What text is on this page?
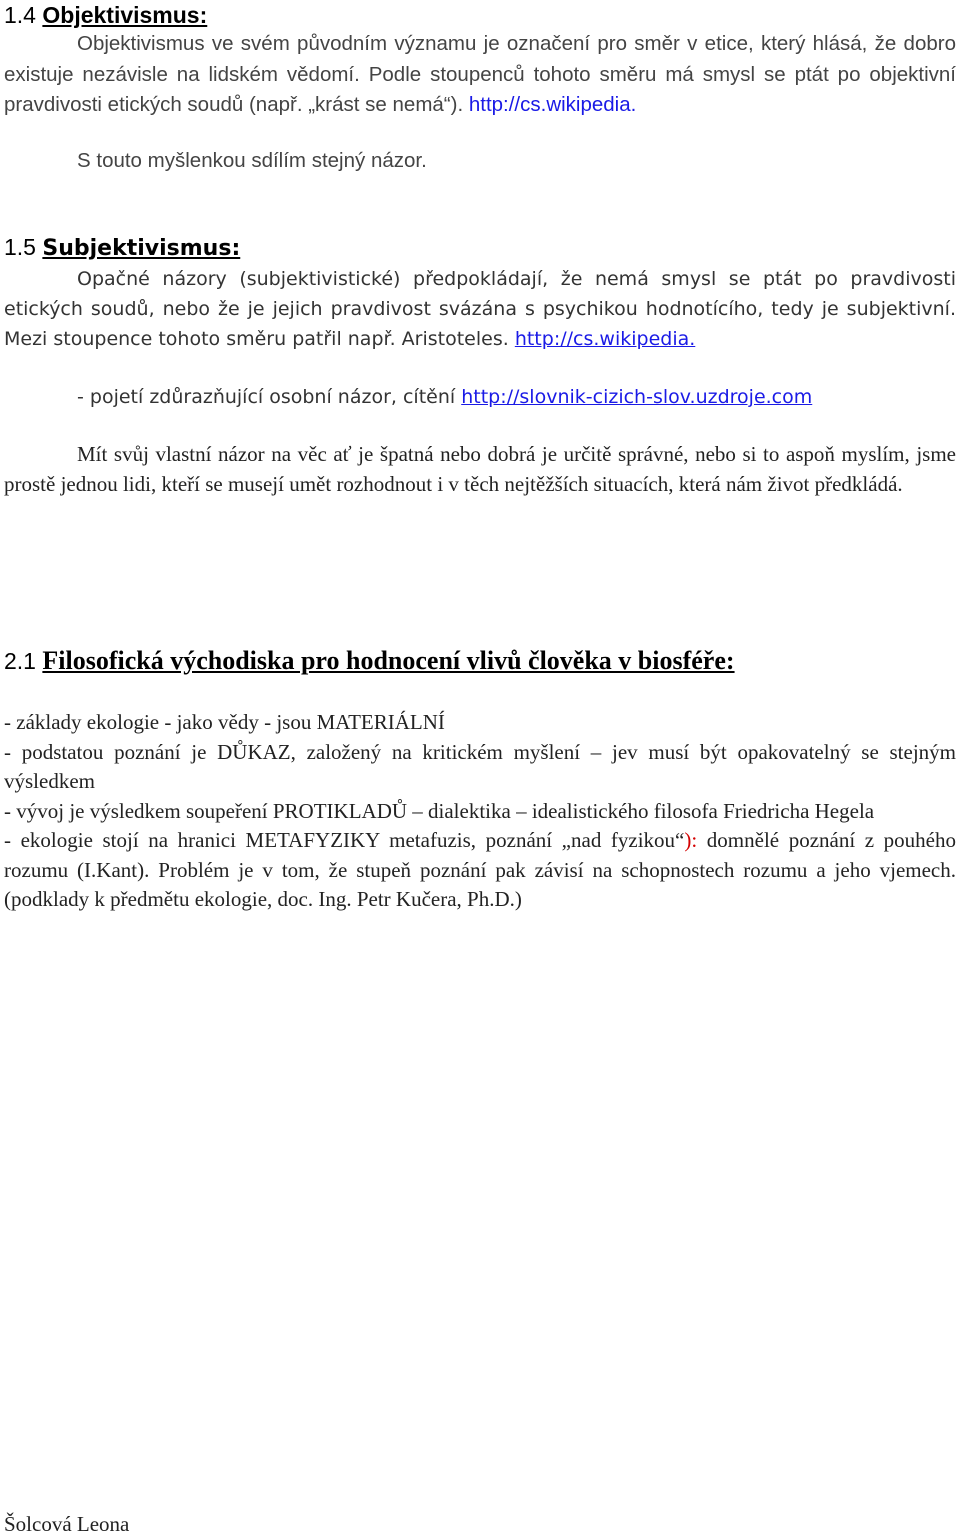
1.4 Objektivismus:
Objektivismus ve svém původním významu je označení pro směr v etice, který hlásá, že dobro existuje nezávisle na lidském vědomí. Podle stoupenců tohoto směru má smysl se ptát po objektivní pravdivosti etických soudů (např. „krást se nemá“). http://cs.wikipedia.
S touto myšlenkou sdílím stejný názor.
1.5 Subjektivismus:
Opačné názory (subjektivistické) předpokládají, že nemá smysl se ptát po pravdivosti etických soudů, nebo že je jejich pravdivost svázána s psychikou hodnotícího, tedy je subjektivní. Mezi stoupence tohoto směru patřil např. Aristoteles. http://cs.wikipedia.
- pojetí zdůrazňující osobní názor, cítění http://slovnik-cizich-slov.uzdroje.com
Mít svůj vlastní názor na věc ať je špatná nebo dobrá je určitě správné, nebo si to aspoň myslím, jsme prostě jednou lidi, kteří se musejí umět rozhodnout i v těch nejtěžších situacích, která nám život předkládá.
2.1 Filosofická východiska pro hodnocení vlivů člověka v biosféře:
- základy ekologie - jako vědy - jsou MATERIÁLNÍ
- podstatou poznání je DŮKAZ, založený na kritickém myšlení – jev musí být opakovatelný se stejným výsledkem
- vývoj je výsledkem soupeření PROTIKLADŮ – dialektika – idealistického filosofa Friedricha Hegela
- ekologie stojí na hranici METAFYZIKY metafuzis, poznání „nad fyzikou“): domnělé poznání z pouhého rozumu (I.Kant). Problém je v tom, že stupeň poznání pak závisí na schopnostech rozumu a jeho vjemech. (podklady k předmětu ekologie, doc. Ing. Petr Kučera, Ph.D.)
Šolcová Leona
